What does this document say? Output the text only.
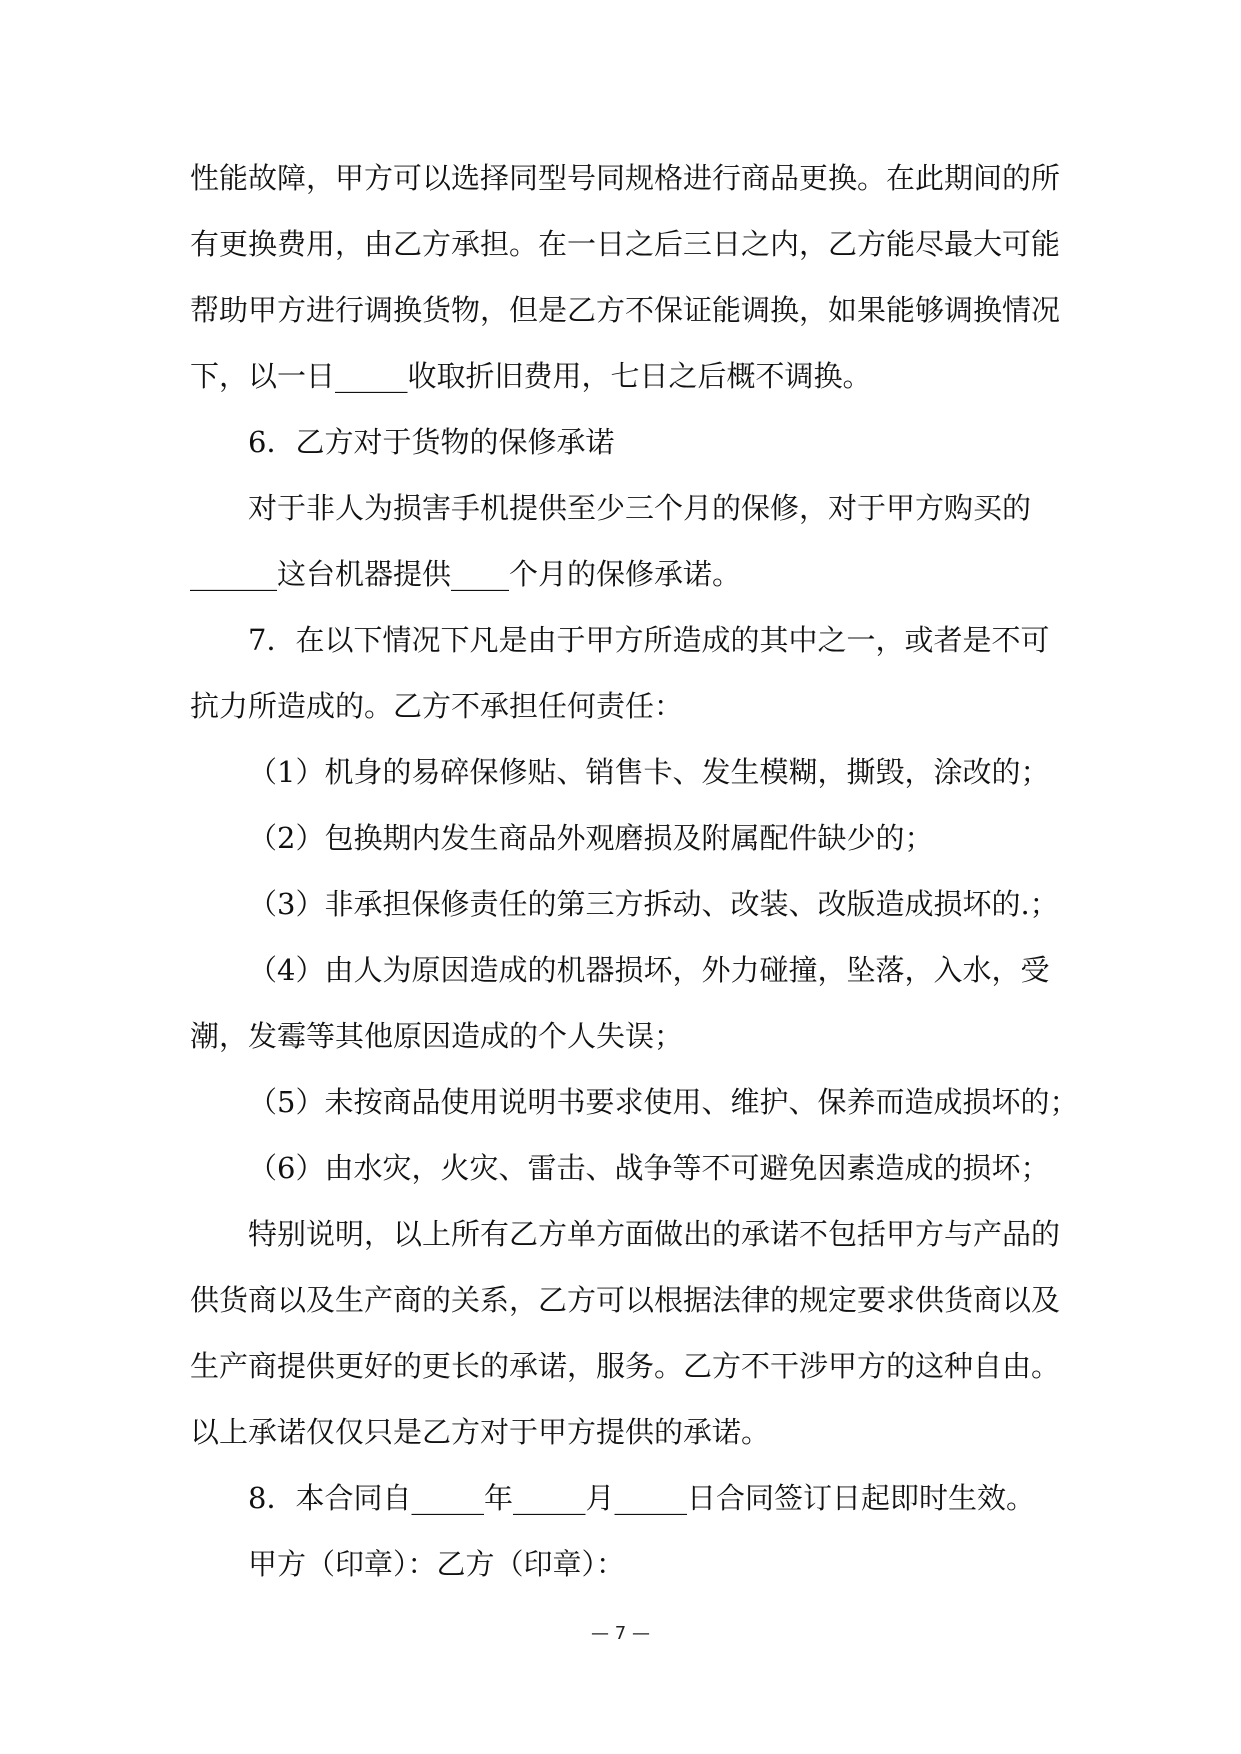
性能故障，甲方可以选择同型号同规格进行商品更换。在此期间的所
有更换费用，由乙方承担。在一日之后三日之内，乙方能尽最大可能
帮助甲方进行调换货物，但是乙方不保证能调换，如果能够调换情况
下，以一日_____收取折旧费用，七日之后概不调换。
6．乙方对于货物的保修承诺
对于非人为损害手机提供至少三个月的保修，对于甲方购买的
______这台机器提供____个月的保修承诺。
7．在以下情况下凡是由于甲方所造成的其中之一，或者是不可
抗力所造成的。乙方不承担任何责任：
（1）机身的易碎保修贴、销售卡、发生模糊，撕毁，涂改的；
（2）包换期内发生商品外观磨损及附属配件缺少的；
（3）非承担保修责任的第三方拆动、改装、改版造成损坏的.；
（4）由人为原因造成的机器损坏，外力碰撞，坠落，入水，受
潮，发霉等其他原因造成的个人失误；
（5）未按商品使用说明书要求使用、维护、保养而造成损坏的；
（6）由水灾，火灾、雷击、战争等不可避免因素造成的损坏；
特别说明，以上所有乙方单方面做出的承诺不包括甲方与产品的
供货商以及生产商的关系，乙方可以根据法律的规定要求供货商以及
生产商提供更好的更长的承诺，服务。乙方不干涉甲方的这种自由。
以上承诺仅仅只是乙方对于甲方提供的承诺。
8．本合同自_____年_____月_____日合同签订日起即时生效。
甲方（印章）：乙方（印章）：
— 7 —
